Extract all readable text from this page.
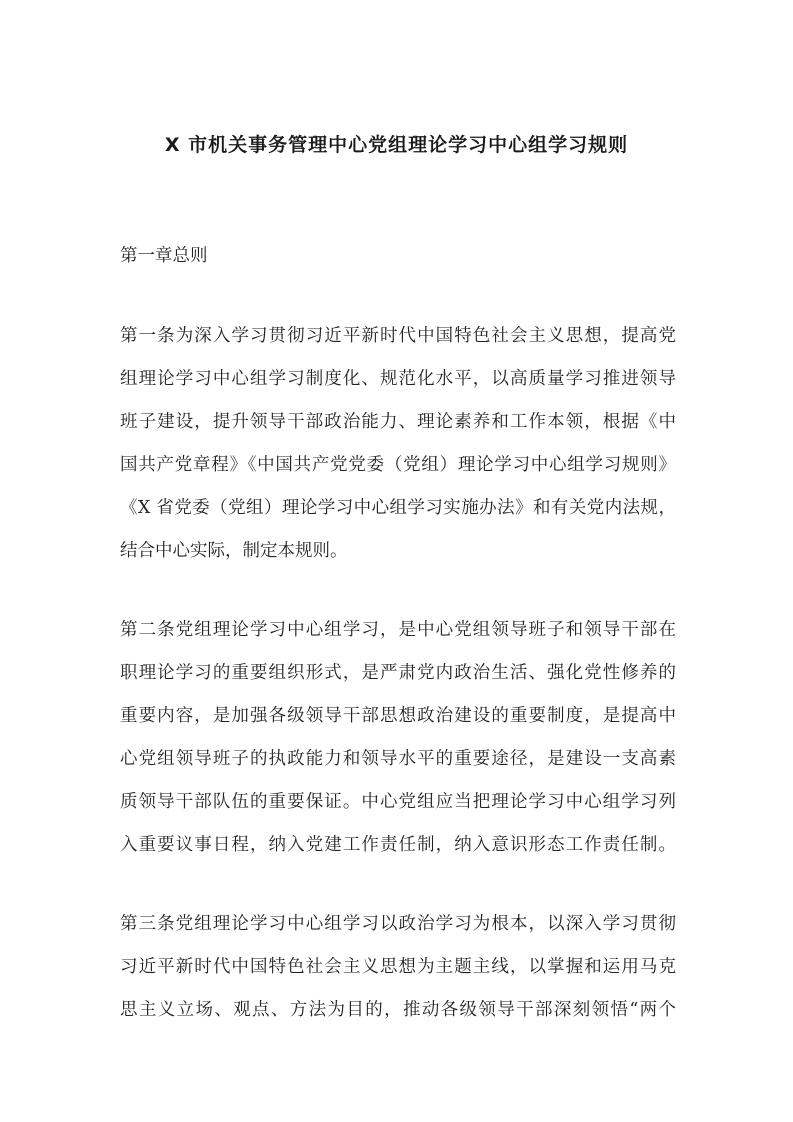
X 市机关事务管理中心党组理论学习中心组学习规则
第一章总则
第一条为深入学习贯彻习近平新时代中国特色社会主义思想，提高党
组理论学习中心组学习制度化、规范化水平，以高质量学习推进领导
班子建设，提升领导干部政治能力、理论素养和工作本领，根据《中
国共产党章程》《中国共产党党委（党组）理论学习中心组学习规则》
《X 省党委（党组）理论学习中心组学习实施办法》和有关党内法规，
结合中心实际，制定本规则。
第二条党组理论学习中心组学习，是中心党组领导班子和领导干部在
职理论学习的重要组织形式，是严肃党内政治生活、强化党性修养的
重要内容，是加强各级领导干部思想政治建设的重要制度，是提高中
心党组领导班子的执政能力和领导水平的重要途径，是建设一支高素
质领导干部队伍的重要保证。中心党组应当把理论学习中心组学习列
入重要议事日程，纳入党建工作责任制，纳入意识形态工作责任制。
第三条党组理论学习中心组学习以政治学习为根本，以深入学习贯彻
习近平新时代中国特色社会主义思想为主题主线，以掌握和运用马克
思主义立场、观点、方法为目的，推动各级领导干部深刻领悟“两个
